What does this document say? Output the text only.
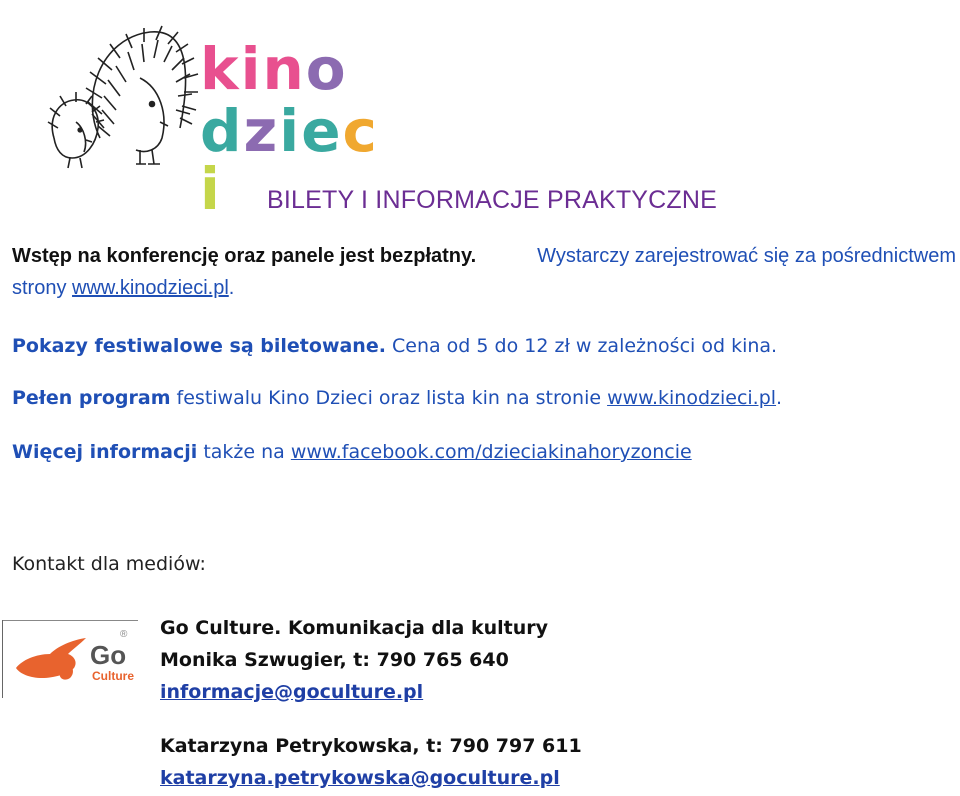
kino
dzieci	BILETY I INFORMACJE PRAKTYCZNE
Wstęp na konferencję oraz panele jest bezpłatny.	Wystarczy zarejestrować się za pośrednictwem
strony www.kinodzieci.pl.
Pokazy festiwalowe są biletowane. Cena od 5 do 12 zł w zależności od kina.
Pełen program festiwalu Kino Dzieci oraz lista kin na stronie www.kinodzieci.pl.
Więcej informacji także na www.facebook.com/dzieciakinahoryzoncie
Kontakt dla mediów:
Go
Culture
® Go Culture. Komunikacja dla kultury
Monika Szwugier, t: 790 765 640
informacje@goculture.pl
Katarzyna Petrykowska, t: 790 797 611
katarzyna.petrykowska@goculture.pl
